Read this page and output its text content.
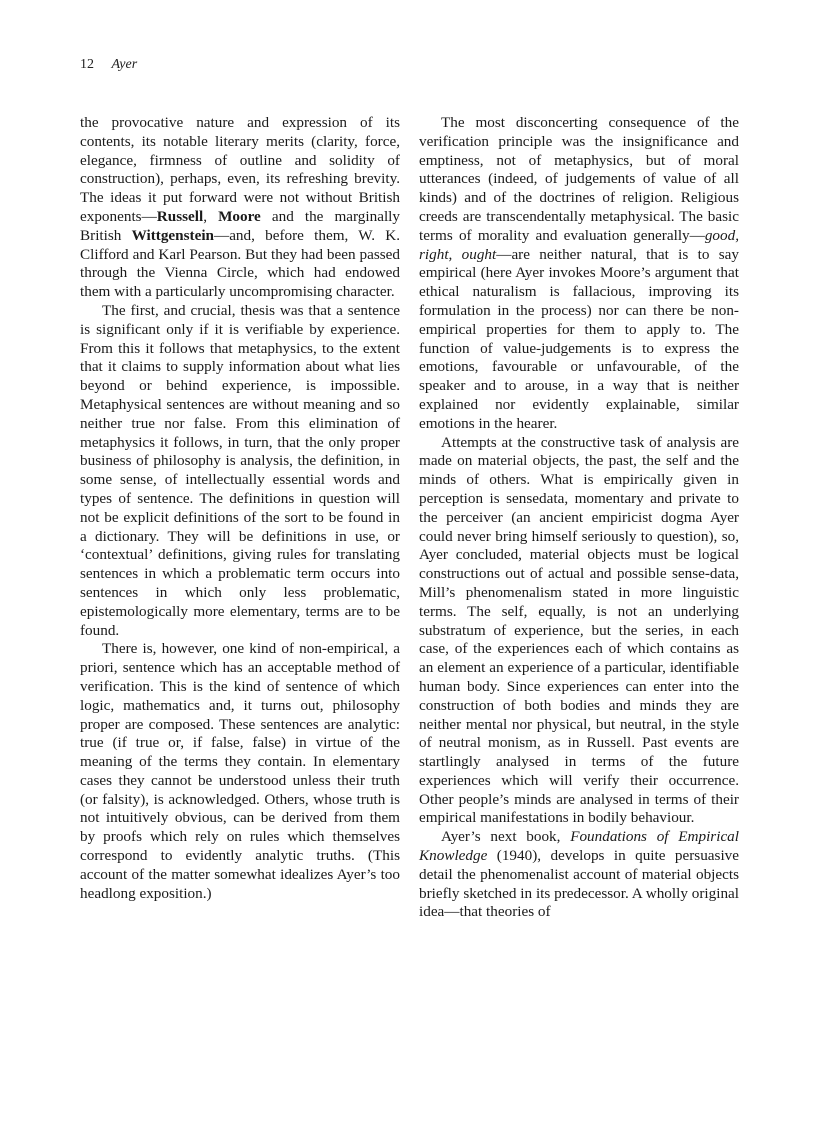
12 Ayer

the provocative nature and expression of its contents, its notable literary merits (clarity, force, elegance, firmness of outline and solidity of construction), perhaps, even, its refreshing brevity. The ideas it put forward were not without British exponents—Russell, Moore and the marginally British Wittgenstein—and, before them, W. K. Clifford and Karl Pearson. But they had been passed through the Vienna Circle, which had endowed them with a particularly uncompromising character.

The first, and crucial, thesis was that a sentence is significant only if it is verifiable by experience. From this it follows that metaphysics, to the extent that it claims to supply information about what lies beyond or behind experience, is impossible. Metaphysical sentences are without meaning and so neither true nor false. From this elimination of metaphysics it follows, in turn, that the only proper business of philosophy is analysis, the definition, in some sense, of intellectually essential words and types of sentence. The definitions in question will not be explicit definitions of the sort to be found in a dictionary. They will be definitions in use, or ‘contextual’ definitions, giving rules for translating sentences in which a problematic term occurs into sentences in which only less problematic, epistemologically more elementary, terms are to be found.

There is, however, one kind of non-empirical, a priori, sentence which has an acceptable method of verification. This is the kind of sentence of which logic, mathematics and, it turns out, philosophy proper are composed. These sentences are analytic: true (if true or, if false, false) in virtue of the meaning of the terms they contain. In elementary cases they cannot be understood unless their truth (or falsity), is acknowledged. Others, whose truth is not intuitively obvious, can be derived from them by proofs which rely on rules which themselves correspond to evidently analytic truths. (This account of the matter somewhat idealizes Ayer’s too headlong exposition.)

The most disconcerting consequence of the verification principle was the insignificance and emptiness, not of metaphysics, but of moral utterances (indeed, of judgements of value of all kinds) and of the doctrines of religion. Religious creeds are transcendentally metaphysical. The basic terms of morality and evaluation generally—good, right, ought—are neither natural, that is to say empirical (here Ayer invokes Moore’s argument that ethical naturalism is fallacious, improving its formulation in the process) nor can there be non-empirical properties for them to apply to. The function of value-judgements is to express the emotions, favourable or unfavourable, of the speaker and to arouse, in a way that is neither explained nor evidently explainable, similar emotions in the hearer.

Attempts at the constructive task of analysis are made on material objects, the past, the self and the minds of others. What is empirically given in perception is sensedata, momentary and private to the perceiver (an ancient empiricist dogma Ayer could never bring himself seriously to question), so, Ayer concluded, material objects must be logical constructions out of actual and possible sense-data, Mill’s phenomenalism stated in more linguistic terms. The self, equally, is not an underlying substratum of experience, but the series, in each case, of the experiences each of which contains as an element an experience of a particular, identifiable human body. Since experiences can enter into the construction of both bodies and minds they are neither mental nor physical, but neutral, in the style of neutral monism, as in Russell. Past events are startlingly analysed in terms of the future experiences which will verify their occurrence. Other people’s minds are analysed in terms of their empirical manifestations in bodily behaviour.

Ayer’s next book, Foundations of Empirical Knowledge (1940), develops in quite persuasive detail the phenomenalist account of material objects briefly sketched in its predecessor. A wholly original idea—that theories of
